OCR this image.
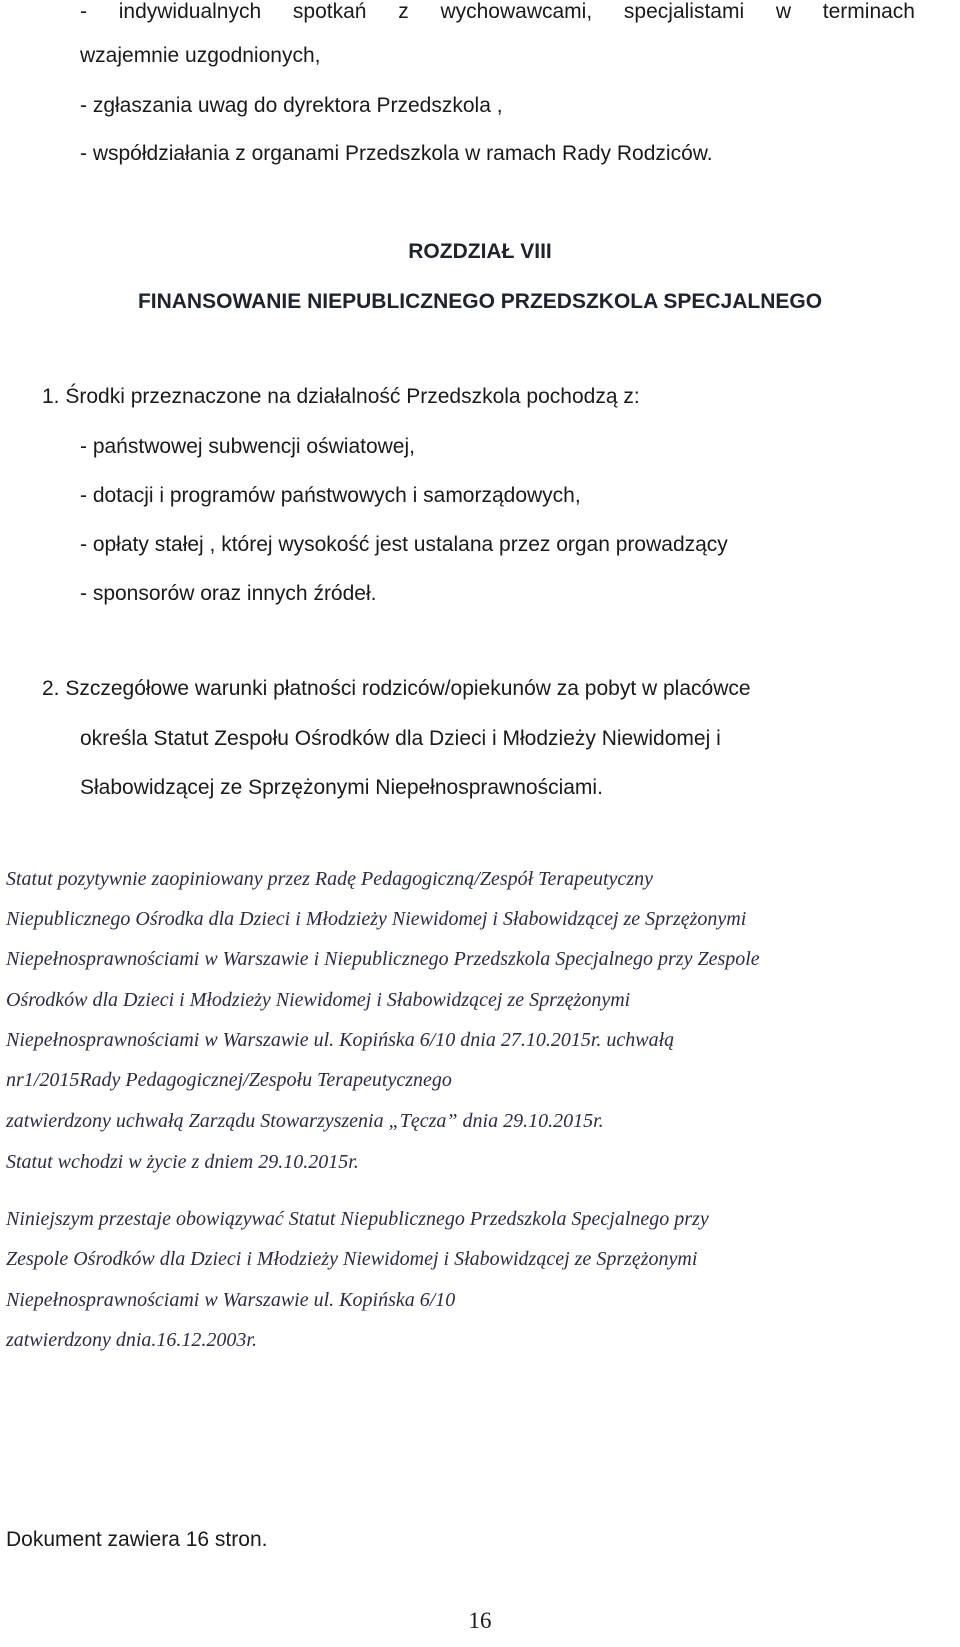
- indywidualnych spotkań z wychowawcami, specjalistami w terminach
wzajemnie uzgodnionych,
- zgłaszania uwag do dyrektora Przedszkola ,
- współdziałania z organami Przedszkola w ramach Rady Rodziców.
ROZDZIAŁ VIII
FINANSOWANIE NIEPUBLICZNEGO PRZEDSZKOLA SPECJALNEGO
1. Środki przeznaczone na działalność Przedszkola pochodzą z:
- państwowej subwencji oświatowej,
- dotacji i programów państwowych i samorządowych,
- opłaty stałej , której wysokość jest ustalana przez organ prowadzący
- sponsorów oraz innych źródeł.
2. Szczegółowe warunki płatności rodziców/opiekunów za pobyt w placówce
określa Statut Zespołu Ośrodków dla Dzieci i Młodzieży Niewidomej i
Słabowidzącej ze Sprzężonymi Niepełnosprawnościami.
Statut pozytywnie zaopiniowany przez Radę Pedagogiczną/Zespół Terapeutyczny
Niepublicznego Ośrodka dla Dzieci i Młodzieży Niewidomej i Słabowidzącej ze Sprzężonymi
Niepełnosprawnościami w Warszawie i Niepublicznego Przedszkola Specjalnego przy Zespole
Ośrodków dla Dzieci i Młodzieży Niewidomej i Słabowidzącej ze Sprzężonymi
Niepełnosprawnościami w Warszawie ul. Kopińska 6/10 dnia 27.10.2015r. uchwałą
nr1/2015Rady Pedagogicznej/Zespołu Terapeutycznego
zatwierdzony uchwałą Zarządu Stowarzyszenia „Tęcza” dnia 29.10.2015r.
Statut wchodzi w życie z dniem 29.10.2015r.
Niniejszym przestaje obowiązywać Statut Niepublicznego Przedszkola Specjalnego przy
Zespole Ośrodków dla Dzieci i Młodzieży Niewidomej i Słabowidzącej ze Sprzężonymi
Niepełnosprawnościami w Warszawie ul. Kopińska 6/10
zatwierdzony dnia.16.12.2003r.
Dokument zawiera 16 stron.
16
